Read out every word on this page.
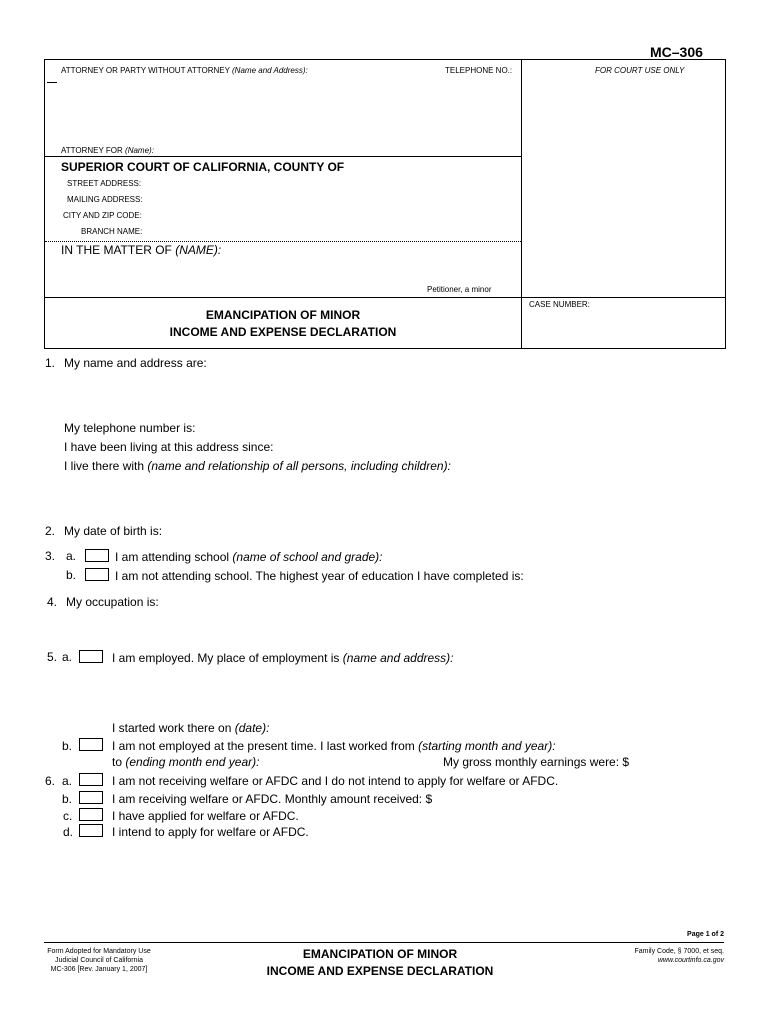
MC–306
ATTORNEY OR PARTY WITHOUT ATTORNEY (Name and Address):	TELEPHONE NO.:	FOR COURT USE ONLY
ATTORNEY FOR (Name):
SUPERIOR COURT OF CALIFORNIA, COUNTY OF
STREET ADDRESS:
MAILING ADDRESS:
CITY AND ZIP CODE:
BRANCH NAME:
IN THE MATTER OF (NAME):
Petitioner, a minor
CASE NUMBER:
EMANCIPATION OF MINOR
INCOME AND EXPENSE DECLARATION
1. My name and address are:
My telephone number is:
I have been living at this address since:
I live there with (name and relationship of all persons, including children):
2. My date of birth is:
3. a.	I am attending school (name of school and grade):
b.	I am not attending school. The highest year of education I have completed is:
4. My occupation is:
5. a.	I am employed. My place of employment is (name and address):
I started work there on (date):
b.	I am not employed at the present time. I last worked from (starting month and year):
to (ending month end year):	My gross monthly earnings were: $
6. a.	I am not receiving welfare or AFDC and I do not intend to apply for welfare or AFDC.
b.	I am receiving welfare or AFDC. Monthly amount received: $
c.	I have applied for welfare or AFDC.
d.	I intend to apply for welfare or AFDC.
Page 1 of 2
Form Adopted for Mandatory Use
Judicial Council of California
MC-306 [Rev. January 1, 2007]
EMANCIPATION OF MINOR
INCOME AND EXPENSE DECLARATION
Family Code, § 7000, et seq.
www.courtinfo.ca.gov
